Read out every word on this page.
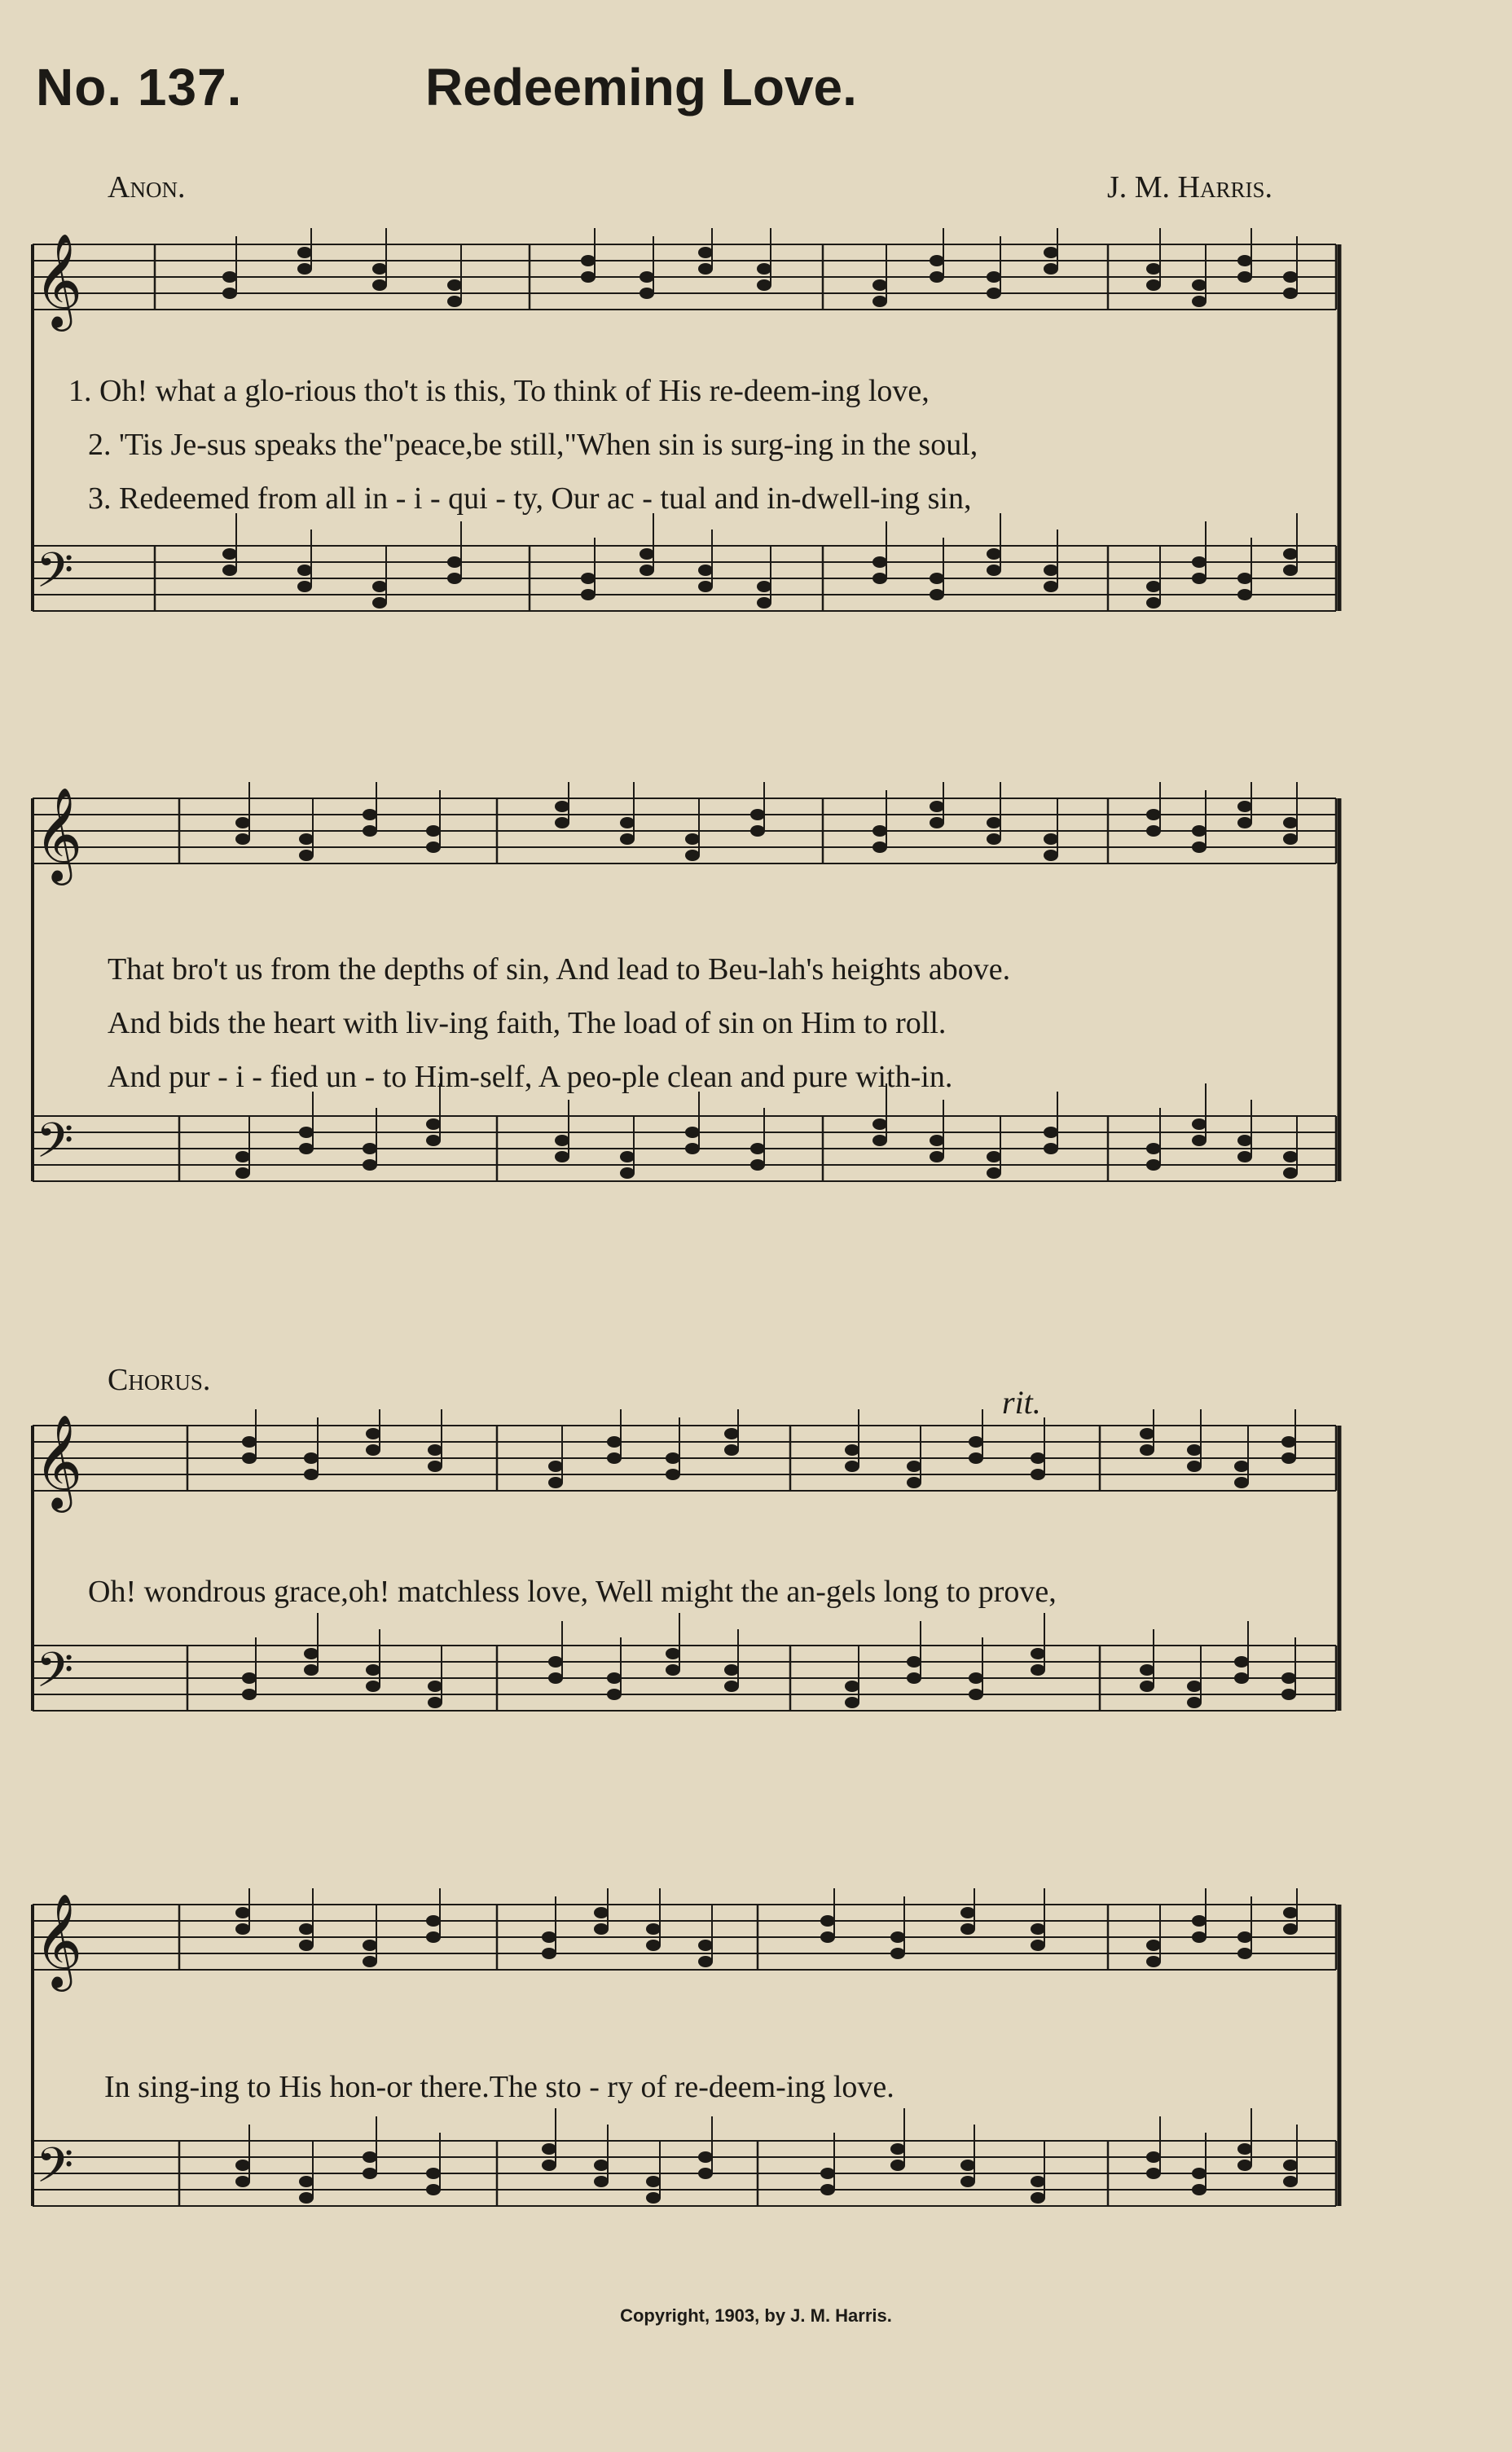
No. 137.	Redeeming Love.
Anon.	J. M. Harris.
𝄞
𝄢
1. Oh! what a glo-rious tho't is this, To think of His re-deem-ing love,
2. 'Tis Je-sus speaks the"peace,be still,"When sin is surg-ing in the soul,
3. Redeemed from all in - i - qui - ty, Our ac - tual and in-dwell-ing sin,
𝄞
𝄢
That bro't us from the depths of sin, And lead to Beu-lah's heights above.
And bids the heart with liv-ing faith, The load of sin on Him to roll.
And pur - i - fied un - to Him-self, A peo-ple clean and pure with-in.
Chorus.
rit.
𝄞
𝄢
Oh! wondrous grace,oh! matchless love, Well might the an-gels long to prove,
𝄞
𝄢
In sing-ing to His hon-or there.The sto - ry of re-deem-ing love.
Copyright, 1903, by J. M. Harris.
